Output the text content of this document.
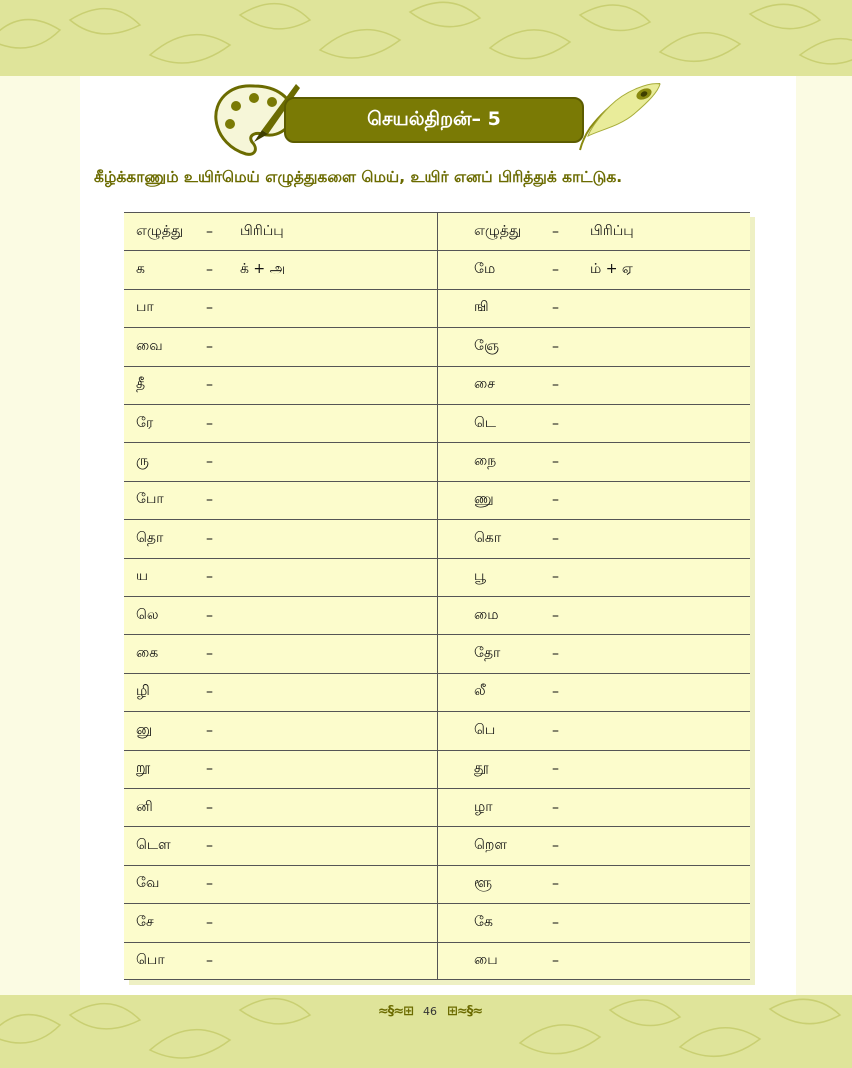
செயல்திறன்– 5
கீழ்க்காணும் உயிர்மெய் எழுத்துகளை மெய், உயிர் எனப் பிரித்துக் காட்டுக.
எழுத்து – பிரிப்பு	எழுத்து – பிரிப்பு
க	– க் + அ	மே	– ம் + ஏ
பா	–	ஙி	–
வை	–	ஞே	–
தீ	–	சை	–
ரே	–	டெ	–
ரு	–	நை	–
போ	–	ணு	–
தொ	–	கொ	–
ய	–	பூ	–
லெ	–	மை	–
கை	–	தோ	–
ழி	–	லீ	–
னு	–	பெ	–
றூ	–	தூ	–
னி	–	ழா	–
டௌ	–	றௌ	–
வே	–	ளூ	–
சே	–	கே	–
பொ	–	பை	–
≈§≈⊞ 46 ⊞≈§≈
